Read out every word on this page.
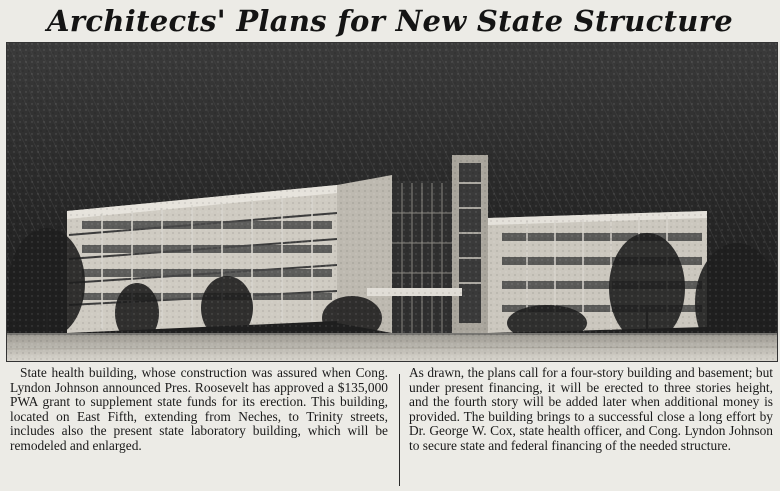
Architects' Plans for New State Structure
State health building, whose construction was assured when Cong. Lyndon Johnson announced Pres. Roosevelt has approved a $135,000 PWA grant to supplement state funds for its erection. This building, located on East Fifth, extending from Neches, to Trinity streets, includes also the present state laboratory building, which will be remodeled and enlarged.
As drawn, the plans call for a four-story building and basement; but under present financing, it will be erected to three stories height, and the fourth story will be added later when additional money is provided. The building brings to a successful close a long effort by Dr. George W. Cox, state health officer, and Cong. Lyndon Johnson to secure state and federal financing of the needed structure.
